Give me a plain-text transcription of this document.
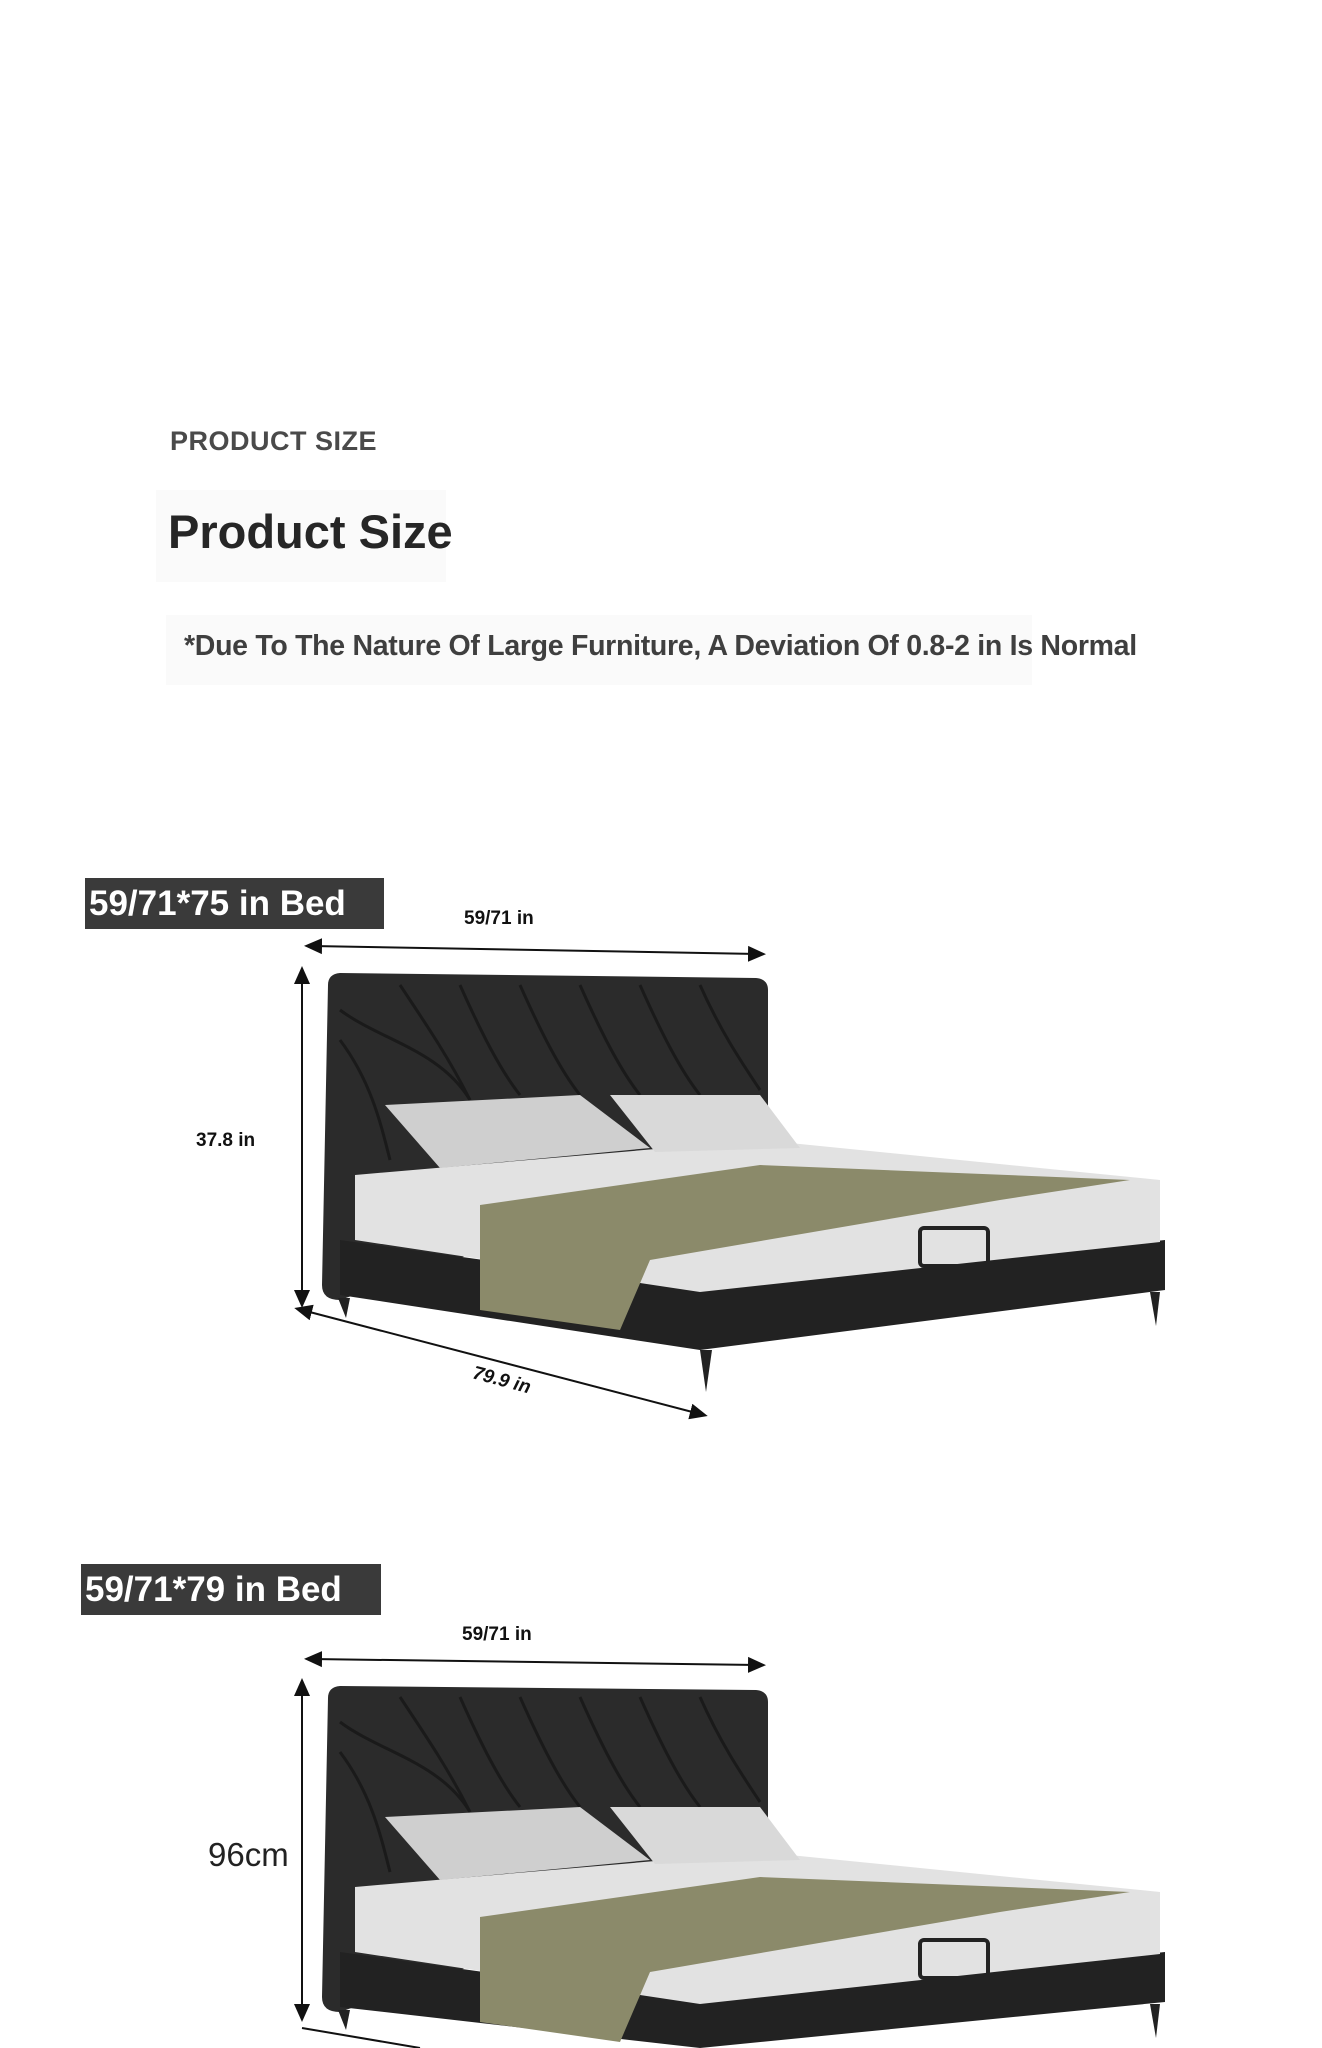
PRODUCT SIZE
Product Size
*Due To The Nature Of Large Furniture, A Deviation Of 0.8-2 in Is Normal
59/71*75 in Bed	59/71 in
37.8 in
79.9 in
59/71*79 in Bed
59/71 in
96cm
